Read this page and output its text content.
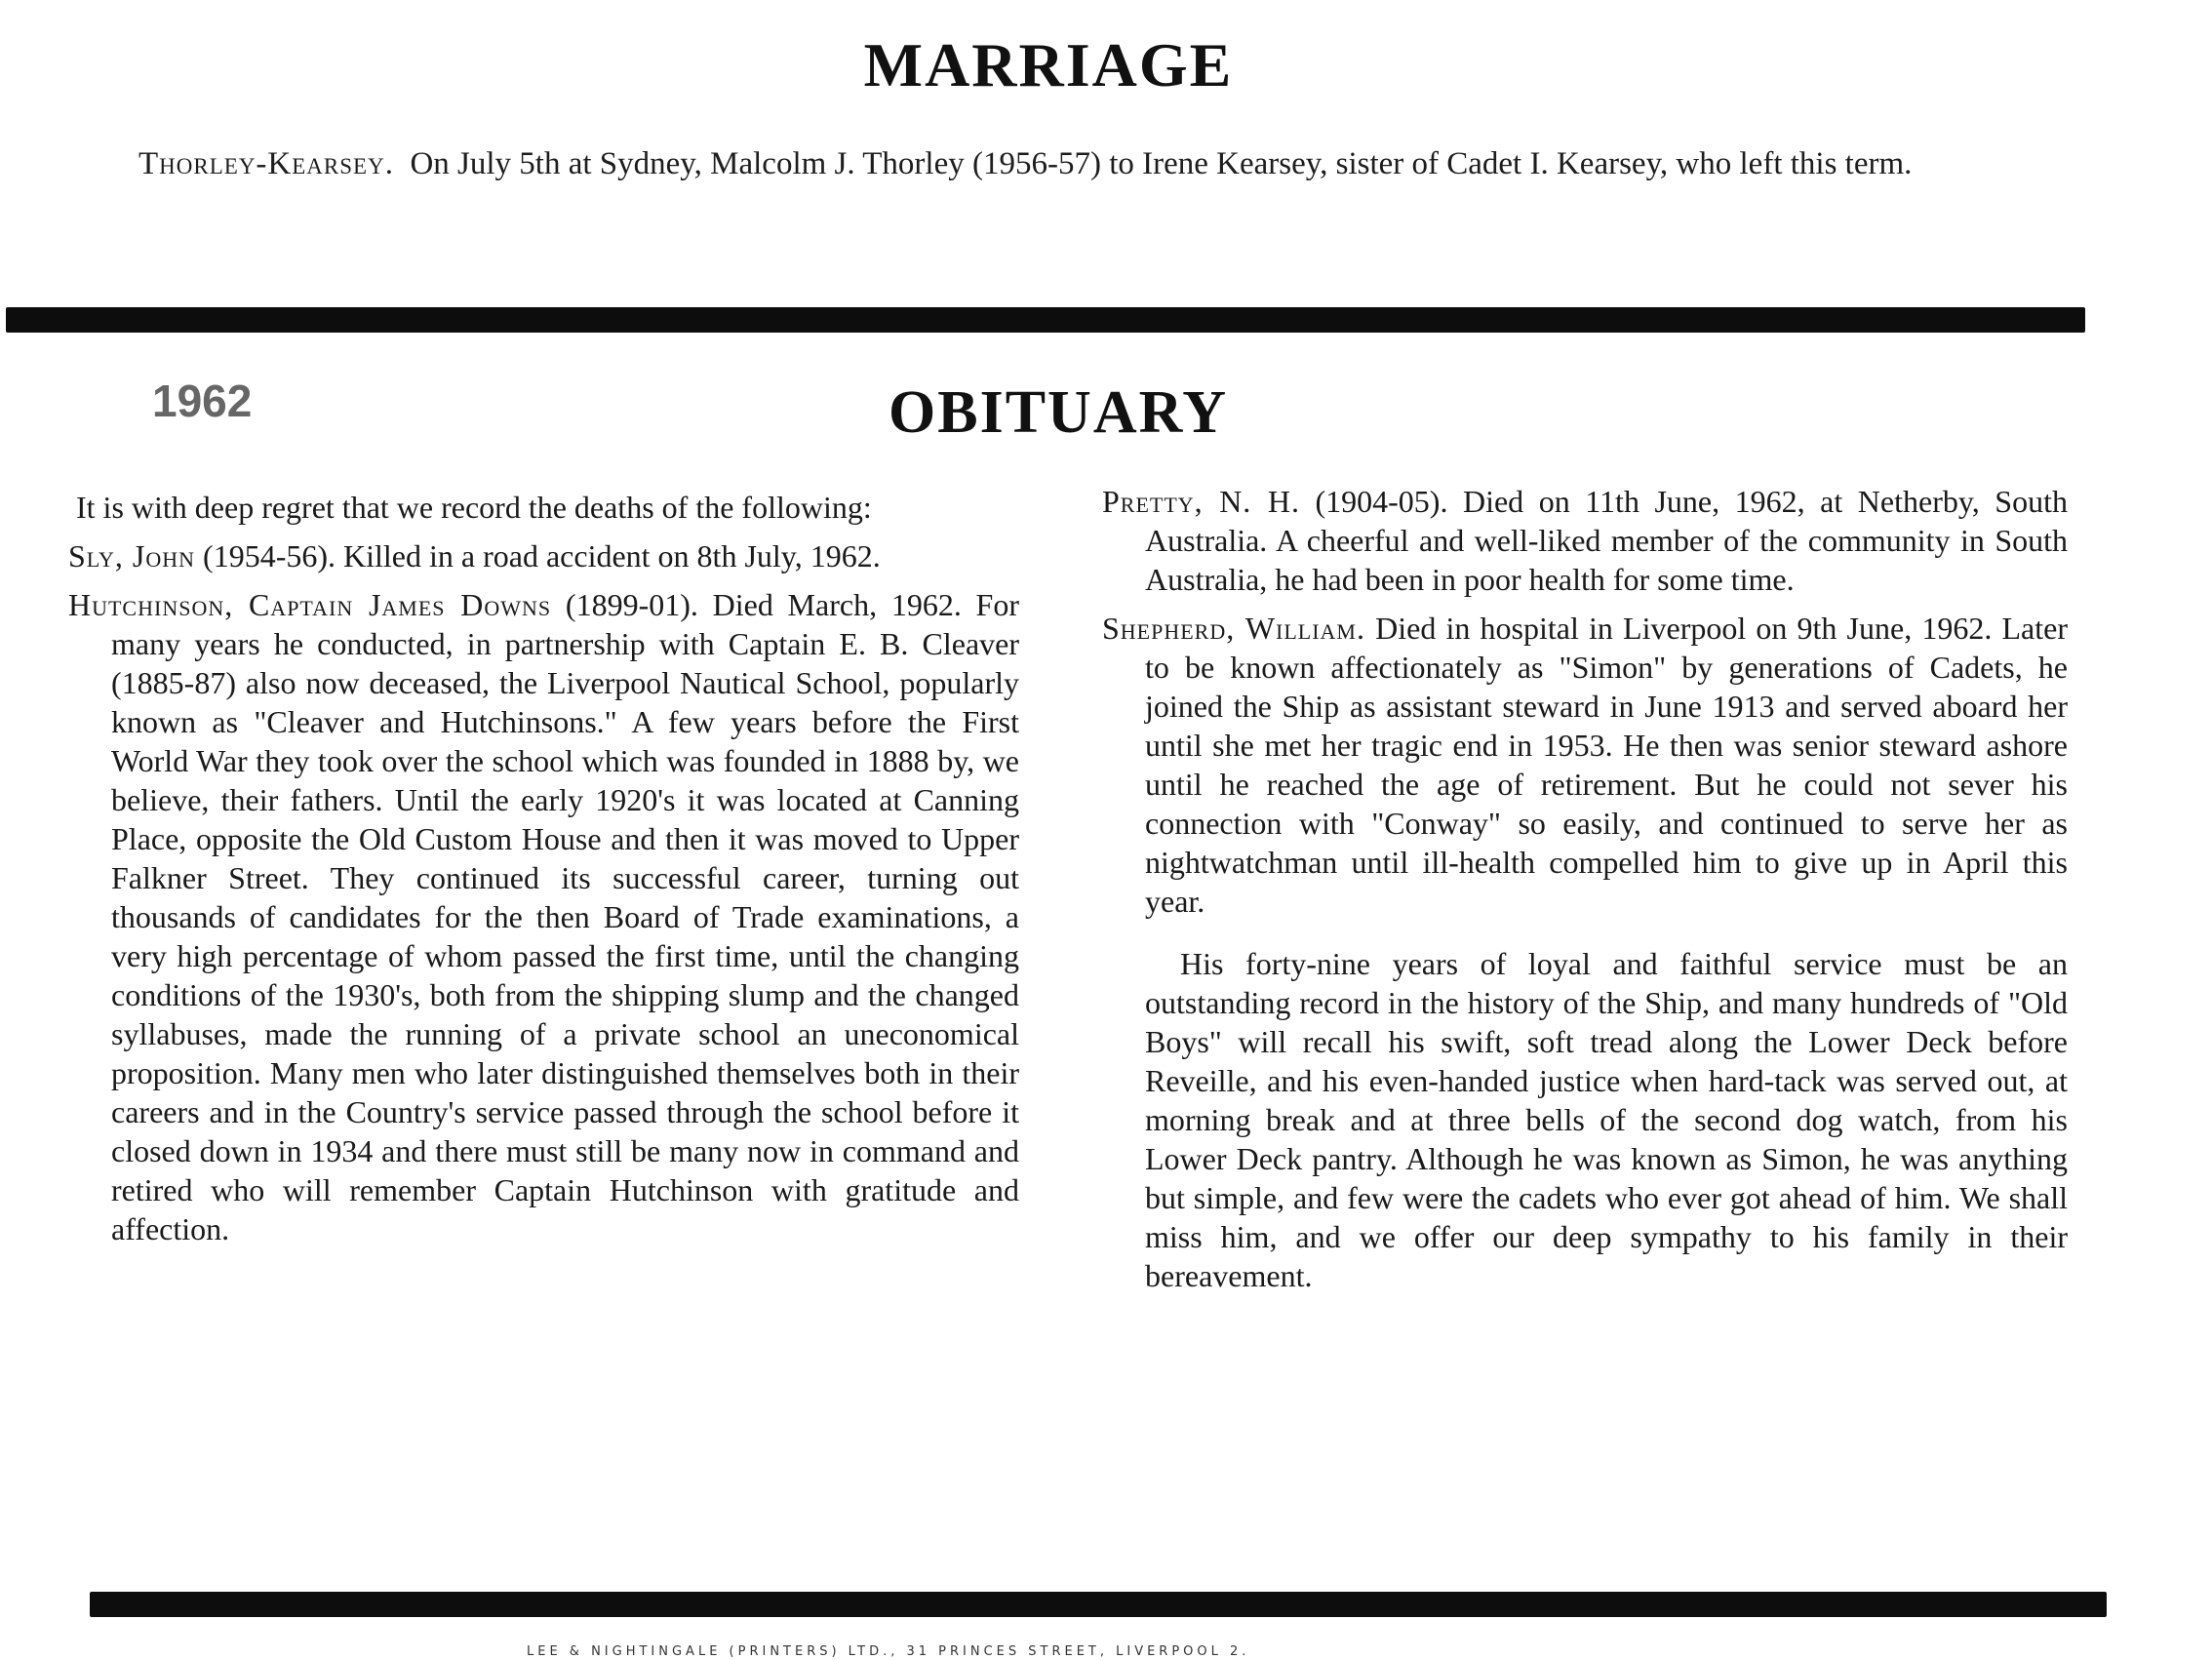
MARRIAGE

Thorley-Kearsey. On July 5th at Sydney, Malcolm J. Thorley (1956-57) to Irene Kearsey, sister of Cadet I. Kearsey, who left this term.

1962	OBITUARY

It is with deep regret that we record the deaths of the following:

Sly, John (1954-56). Killed in a road accident on 8th July, 1962.

Hutchinson, Captain James Downs (1899-01). Died March, 1962. For many years he conducted, in partnership with Captain E. B. Cleaver (1885-87) also now deceased, the Liverpool Nautical School, popularly known as "Cleaver and Hutchinsons." A few years before the First World War they took over the school which was founded in 1888 by, we believe, their fathers. Until the early 1920's it was located at Canning Place, opposite the Old Custom House and then it was moved to Upper Falkner Street. They continued its successful career, turning out thousands of candidates for the then Board of Trade examinations, a very high percentage of whom passed the first time, until the changing conditions of the 1930's, both from the shipping slump and the changed syllabuses, made the running of a private school an uneconomical proposition. Many men who later distinguished themselves both in their careers and in the Country's service passed through the school before it closed down in 1934 and there must still be many now in command and retired who will remember Captain Hutchinson with gratitude and affection.

Pretty, N. H. (1904-05). Died on 11th June, 1962, at Netherby, South Australia. A cheerful and well-liked member of the community in South Australia, he had been in poor health for some time.

Shepherd, William. Died in hospital in Liverpool on 9th June, 1962. Later to be known affectionately as "Simon" by generations of Cadets, he joined the Ship as assistant steward in June 1913 and served aboard her until she met her tragic end in 1953. He then was senior steward ashore until he reached the age of retirement. But he could not sever his connection with "Conway" so easily, and continued to serve her as nightwatchman until ill-health compelled him to give up in April this year.

His forty-nine years of loyal and faithful service must be an outstanding record in the history of the Ship, and many hundreds of "Old Boys" will recall his swift, soft tread along the Lower Deck before Reveille, and his even-handed justice when hard-tack was served out, at morning break and at three bells of the second dog watch, from his Lower Deck pantry. Although he was known as Simon, he was anything but simple, and few were the cadets who ever got ahead of him. We shall miss him, and we offer our deep sympathy to his family in their bereavement.

LEE & NIGHTINGALE (PRINTERS) LTD., 31 PRINCES STREET, LIVERPOOL 2.
